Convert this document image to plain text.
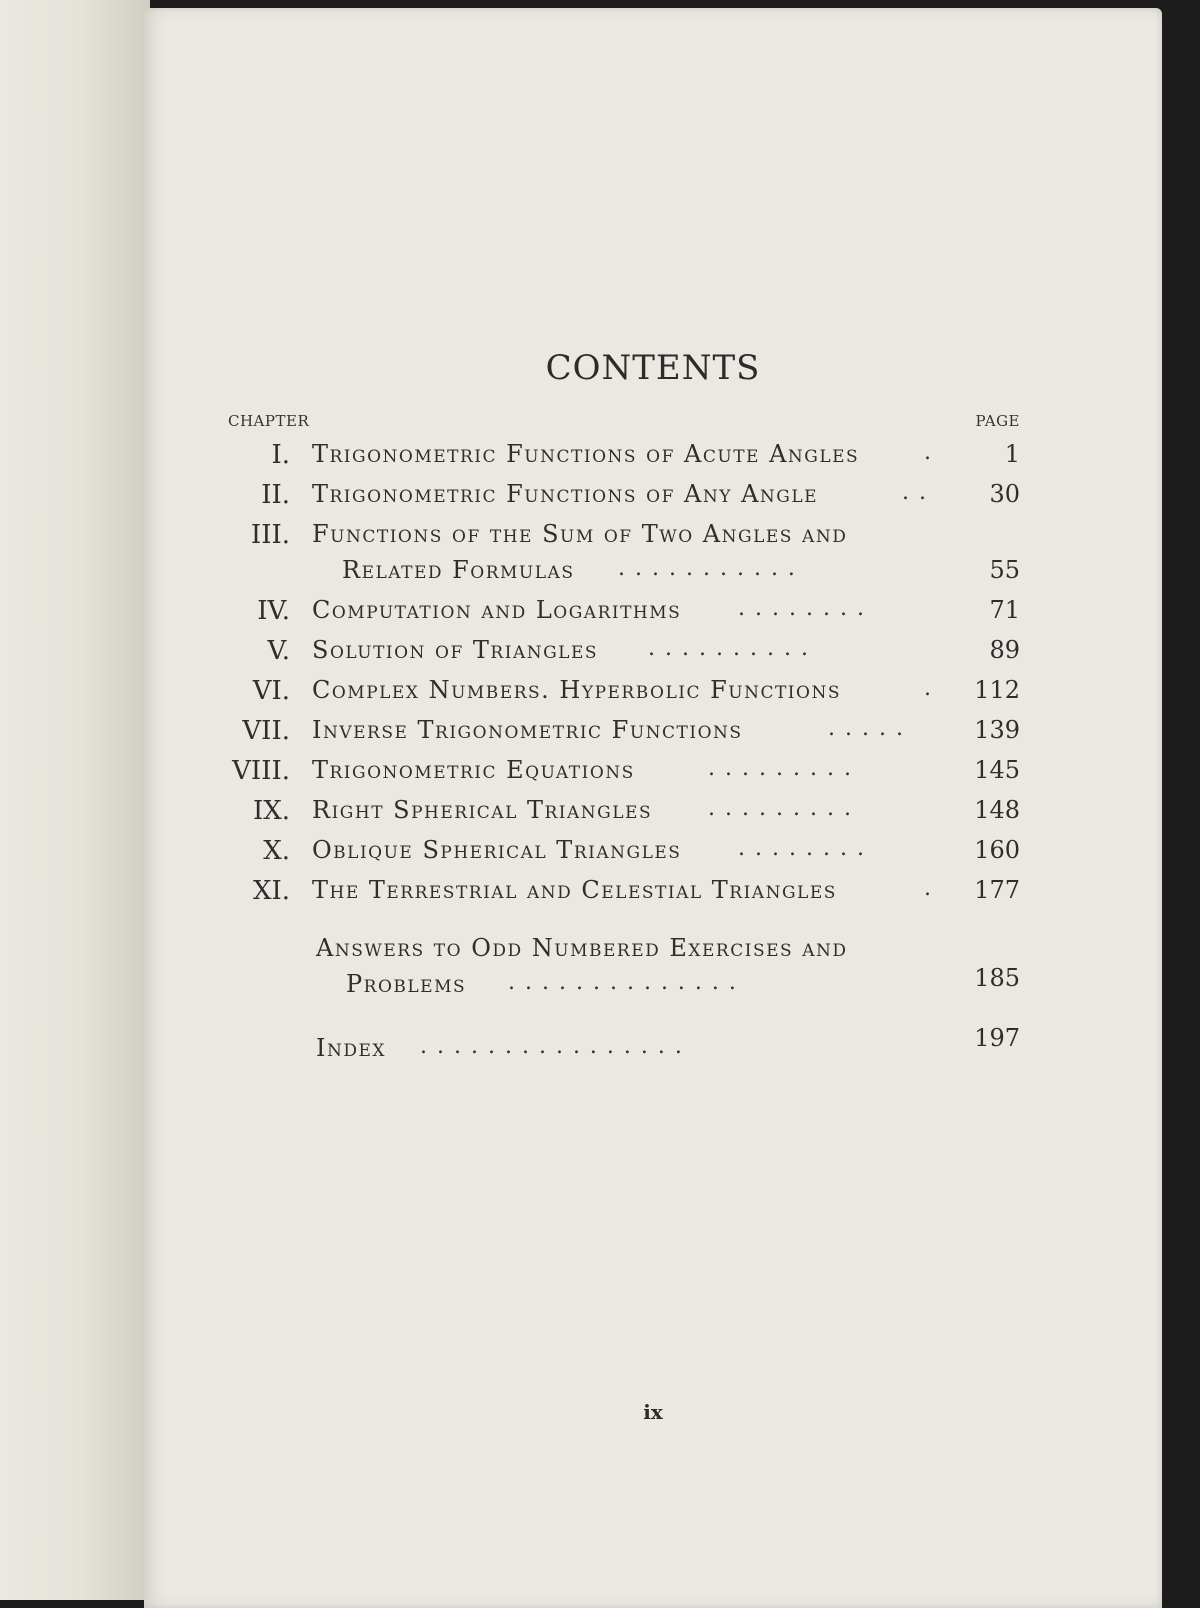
CONTENTS
CHAPTER	PAGE
I. Trigonometric Functions of Acute Angles	.	1
II. Trigonometric Functions of Any Angle	..	30
III. Functions of the Sum of Two Angles and
Related Formulas	...........	55
IV. Computation and Logarithms	........	71
V. Solution of Triangles	..........	89
VI. Complex Numbers. Hyperbolic Functions	.	112
VII. Inverse Trigonometric Functions	.....	139
VIII. Trigonometric Equations	.........	145
IX. Right Spherical Triangles	.........	148
X. Oblique Spherical Triangles	........	160
XI. The Terrestrial and Celestial Triangles	.	177
Answers to Odd Numbered Exercises and
Problems	..............	185
Index	................	197
ix
